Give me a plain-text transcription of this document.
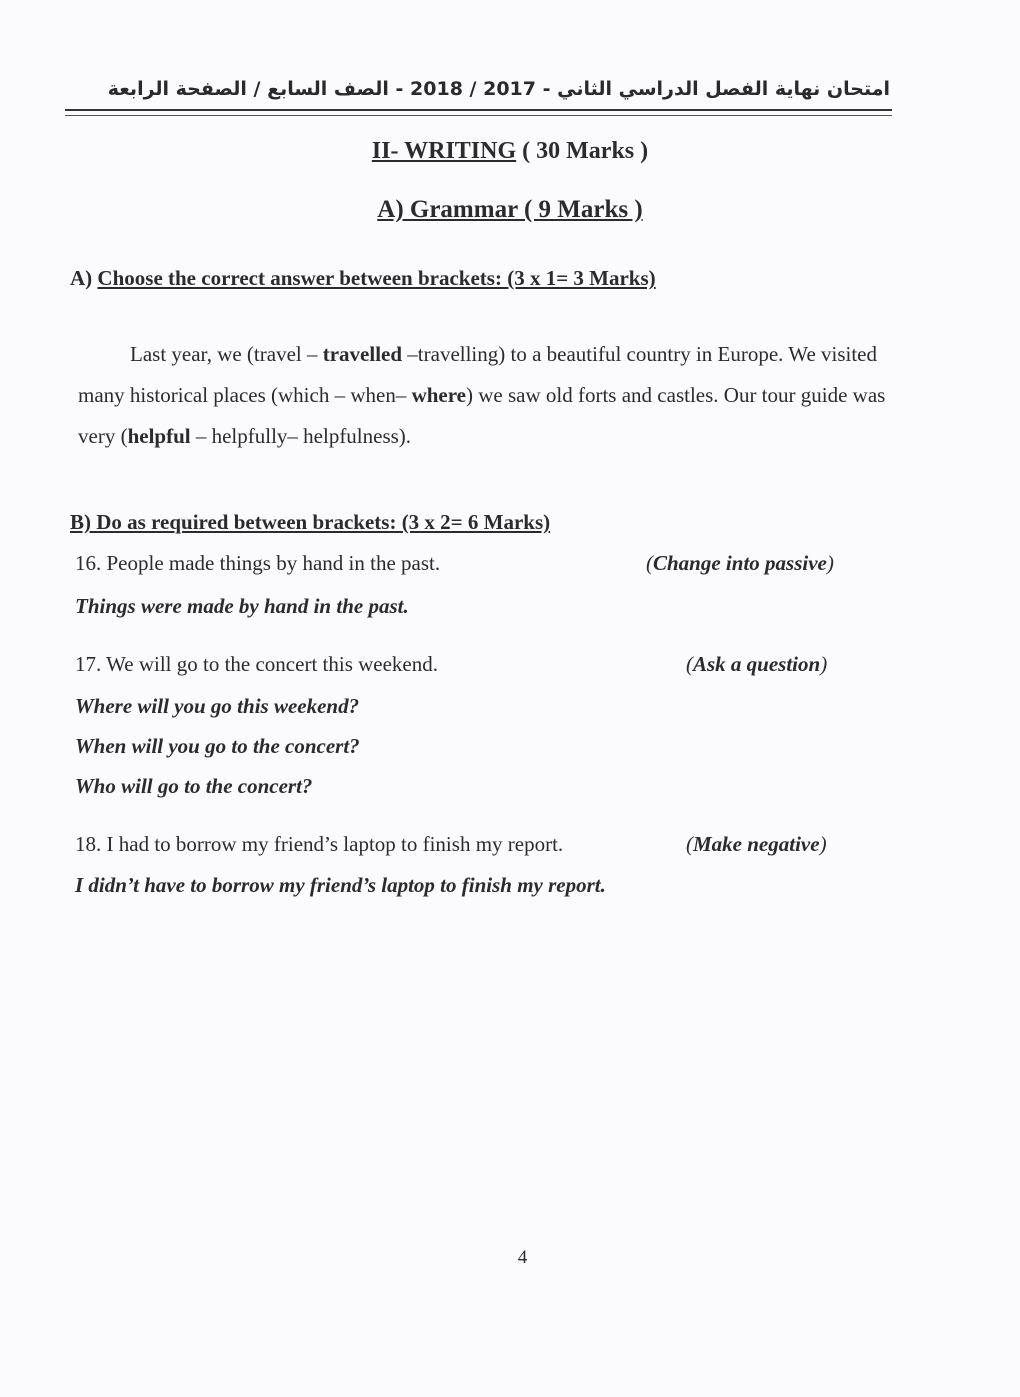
امتحان نهاية الفصل الدراسي الثاني - 2017 / 2018 - الصف السابع / الصفحة الرابعة
II- WRITING ( 30 Marks )
A) Grammar ( 9 Marks )
A) Choose the correct answer between brackets: (3 x 1= 3 Marks)
Last year, we (travel – travelled –travelling) to a beautiful country in Europe. We visited many historical places (which – when– where) we saw old forts and castles. Our tour guide was very (helpful – helpfully– helpfulness).
B) Do as required between brackets: (3 x 2= 6 Marks)
16. People made things by hand in the past.	(Change into passive)
Things were made by hand in the past.
17. We will go to the concert this weekend.	(Ask a question)
Where will you go this weekend?
When will you go to the concert?
Who will go to the concert?
18. I had to borrow my friend’s laptop to finish my report.	(Make negative)
I didn’t have to borrow my friend’s laptop to finish my report.
4
